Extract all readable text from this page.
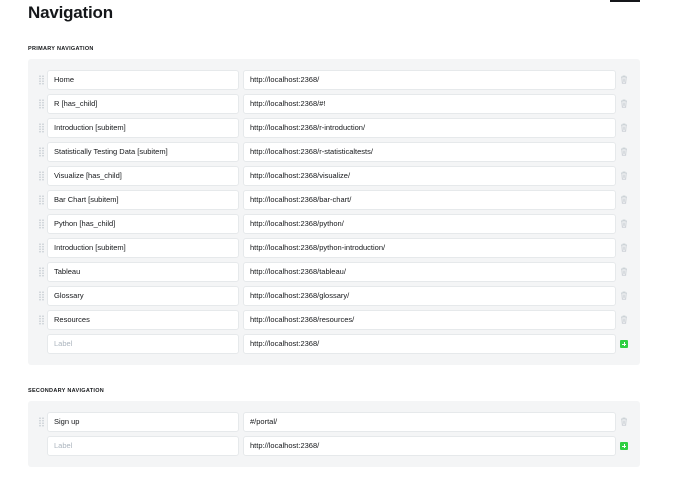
Navigation
PRIMARY NAVIGATION
Home	http://localhost:2368/
R [has_child]	http://localhost:2368/#!
Introduction [subitem]	http://localhost:2368/r-introduction/
Statistically Testing Data [subitem]	http://localhost:2368/r-statisticaltests/
Visualize [has_child]	http://localhost:2368/visualize/
Bar Chart [subitem]	http://localhost:2368/bar-chart/
Python [has_child]	http://localhost:2368/python/
Introduction [subitem]	http://localhost:2368/python-introduction/
Tableau	http://localhost:2368/tableau/
Glossary	http://localhost:2368/glossary/
Resources	http://localhost:2368/resources/
Label	http://localhost:2368/
SECONDARY NAVIGATION
Sign up	#/portal/
Label	http://localhost:2368/
